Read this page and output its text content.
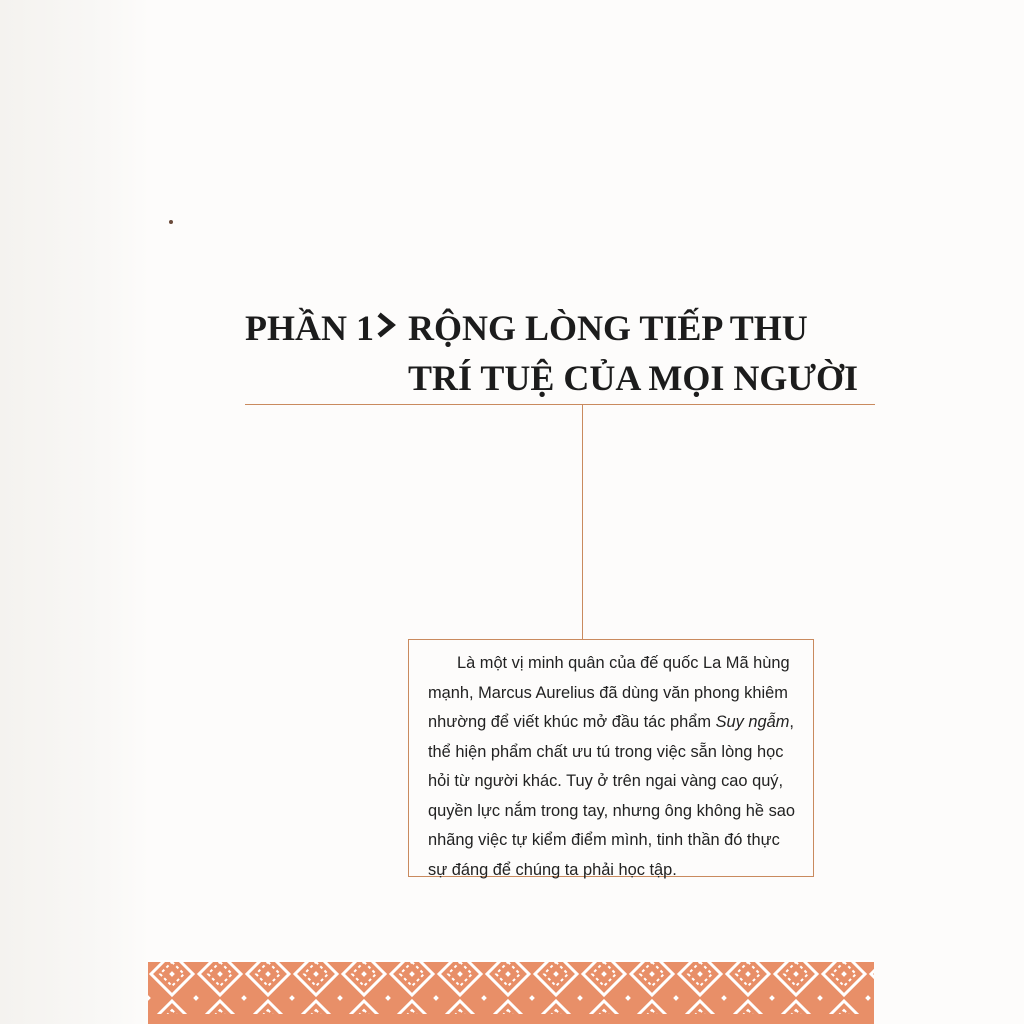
PHẦN 1 RỘNG LÒNG TIẾP THU
TRÍ TUỆ CỦA MỌI NGƯỜI
Là một vị minh quân của đế quốc La Mã hùng
mạnh, Marcus Aurelius đã dùng văn phong khiêm
nhường để viết khúc mở đầu tác phẩm Suy ngẫm,
thể hiện phẩm chất ưu tú trong việc sẵn lòng học
hỏi từ người khác. Tuy ở trên ngai vàng cao quý,
quyền lực nắm trong tay, nhưng ông không hề sao
nhãng việc tự kiểm điểm mình, tinh thần đó thực
sự đáng để chúng ta phải học tập.
